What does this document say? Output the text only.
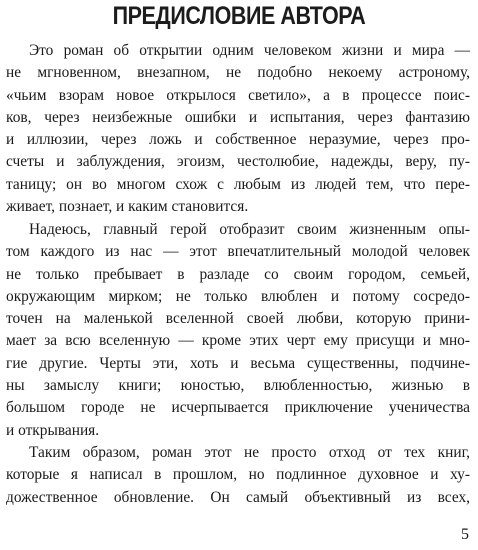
ПРЕДИСЛОВИЕ АВТОРА
Это роман об открытии одним человеком жизни и мира —
не мгновенном, внезапном, не подобно некоему астроному,
«чьим взорам новое открылося светило», а в процессе поис-
ков, через неизбежные ошибки и испытания, через фантазию
и иллюзии, через ложь и собственное неразумие, через про-
счеты и заблуждения, эгоизм, честолюбие, надежды, веру, пу-
таницу; он во многом схож с любым из людей тем, что пере-
живает, познает, и каким становится.
Надеюсь, главный герой отобразит своим жизненным опы-
том каждого из нас — этот впечатлительный молодой человек
не только пребывает в разладе со своим городом, семьей,
окружающим мирком; не только влюблен и потому сосредо-
точен на маленькой вселенной своей любви, которую прини-
мает за всю вселенную — кроме этих черт ему присущи и мно-
гие другие. Черты эти, хоть и весьма существенны, подчине-
ны замыслу книги; юностью, влюбленностью, жизнью в
большом городе не исчерпывается приключение ученичества
и открывания.
Таким образом, роман этот не просто отход от тех книг,
которые я написал в прошлом, но подлинное духовное и ху-
дожественное обновление. Он самый объективный из всех,
5
